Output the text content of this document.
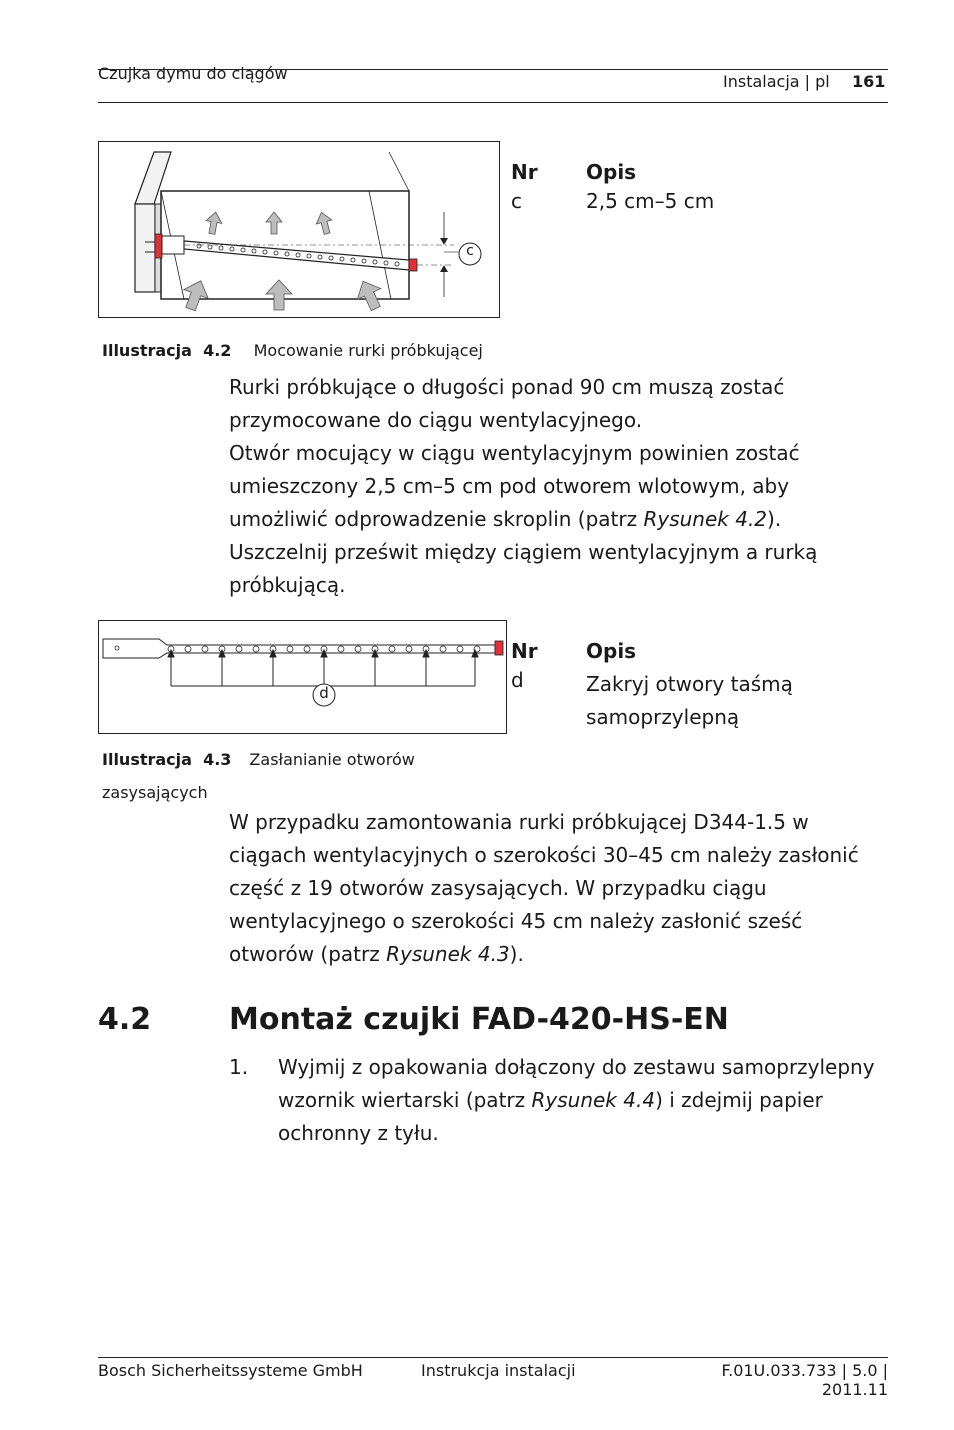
Czujka dymu do ciągów	Instalacja | pl 161
c
Nr Opis
c	2,5 cm–5 cm
Illustracja  4.2 Mocowanie rurki próbkującej

Rurki próbkujące o długości ponad 90 cm muszą zostać

przymocowane do ciągu wentylacyjnego.

Otwór mocujący w ciągu wentylacyjnym powinien zostać

umieszczony 2,5 cm–5 cm pod otworem wlotowym, aby

umożliwić odprowadzenie skroplin (patrz Rysunek 4.2).

Uszczelnij prześwit między ciągiem wentylacyjnym a rurką

próbkującą.

d
Nr Opis
d	Zakryj otwory taśmą
samoprzylepną
Illustracja  4.3 Zasłanianie otworów
zasysających

W przypadku zamontowania rurki próbkującej D344-1.5 w

ciągach wentylacyjnych o szerokości 30–45 cm należy zasłonić

część z 19 otworów zasysających. W przypadku ciągu

wentylacyjnego o szerokości 45 cm należy zasłonić sześć

otworów (patrz Rysunek 4.3).

4.2	Montaż czujki FAD-420-HS-EN
1. Wyjmij z opakowania dołączony do zestawu samoprzylepny

wzornik wiertarski (patrz Rysunek 4.4) i zdejmij papier

ochronny z tyłu.

Bosch Sicherheitssysteme GmbH	Instrukcja instalacji	F.01U.033.733 | 5.0 | 2011.11
